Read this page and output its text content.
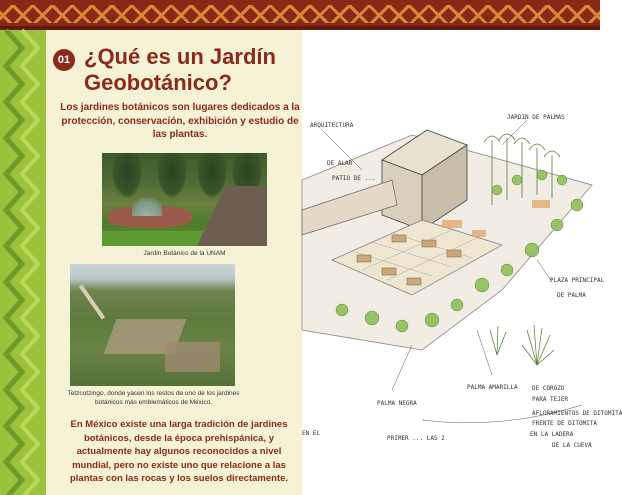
01 ¿Qué es un Jardín Geobotánico?

Los jardines botánicos son lugares dedicados a la protección, conservación, exhibición y estudio de las plantas.

Jardín Botánico de la UNAM
Tetzcotzingo, donde yacen los restos de uno de los jardines botánicos más emblemáticos de México.

En México existe una larga tradición de jardines botánicos, desde la época prehispánica, y actualmente hay algunos reconocidos a nivel mundial, pero no existe uno que relacione a las plantas con las rocas y los suelos directamente.

ARQUITECTURA
DE ALAR
PATIO DE ...
JARDIN DE PALMAS
PLAZA PRINCIPAL
DE PALMA
PALMA AMARILLA DE COROZO
PARA TEJER
AFLORAMIENTOS DE DITOMITA
FRENTE DE DITOMITA
EN LA LADERA
DE LA CUEVA
PALMA NEGRA
PRIMER ... LAS 2
EN EL
